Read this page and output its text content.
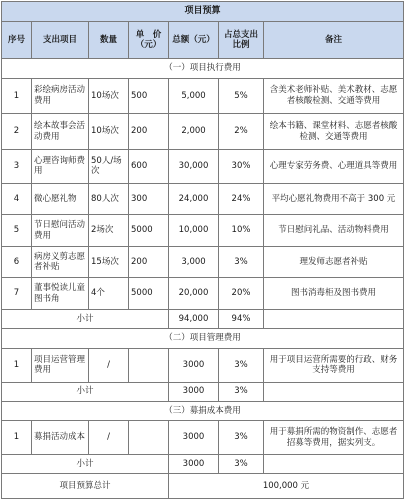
项目预算						
序号	支出项目	数量	单　价（元）	总额（元）	占总支出比例	备注
（一）项目执行费用						
1	彩绘病房活动费用	10场次	500	5,000	5%	含美术老师补贴、美术教材、志愿者核酸检测、交通等费用
2	绘本故事会活动费用	10场次	200	2,000	2%	绘本书籍、课堂材料、志愿者核酸检测、交通等费用
3	心理咨询师费用	50人/场次	600	30,000	30%	心理专家劳务费、心理道具等费用
4	微心愿礼物	80人次	300	24,000	24%	平均心愿礼物费用不高于 300 元
5	节日慰问活动费用	2场次	5000	10,000	10%	节日慰问礼品、活动物料费用
6	病房义剪志愿者补贴	15场次	200	3,000	3%	理发师志愿者补贴
7	董事悦读儿童图书角	4个	5000	20,000	20%	图书消毒柜及图书费用
小计				94,000	94%	
（二）项目管理费用						
1	项目运营管理费用	/		3000	3%	用于项目运营所需要的行政、财务支持等费用
小计				3000	3%	
（三）募捐成本费用						
1	募捐活动成本	/		3000	3%	用于募捐所需的物资制作、志愿者招募等费用，据实列支。
小计				3000	3%	
项目预算总计				100,000 元		
